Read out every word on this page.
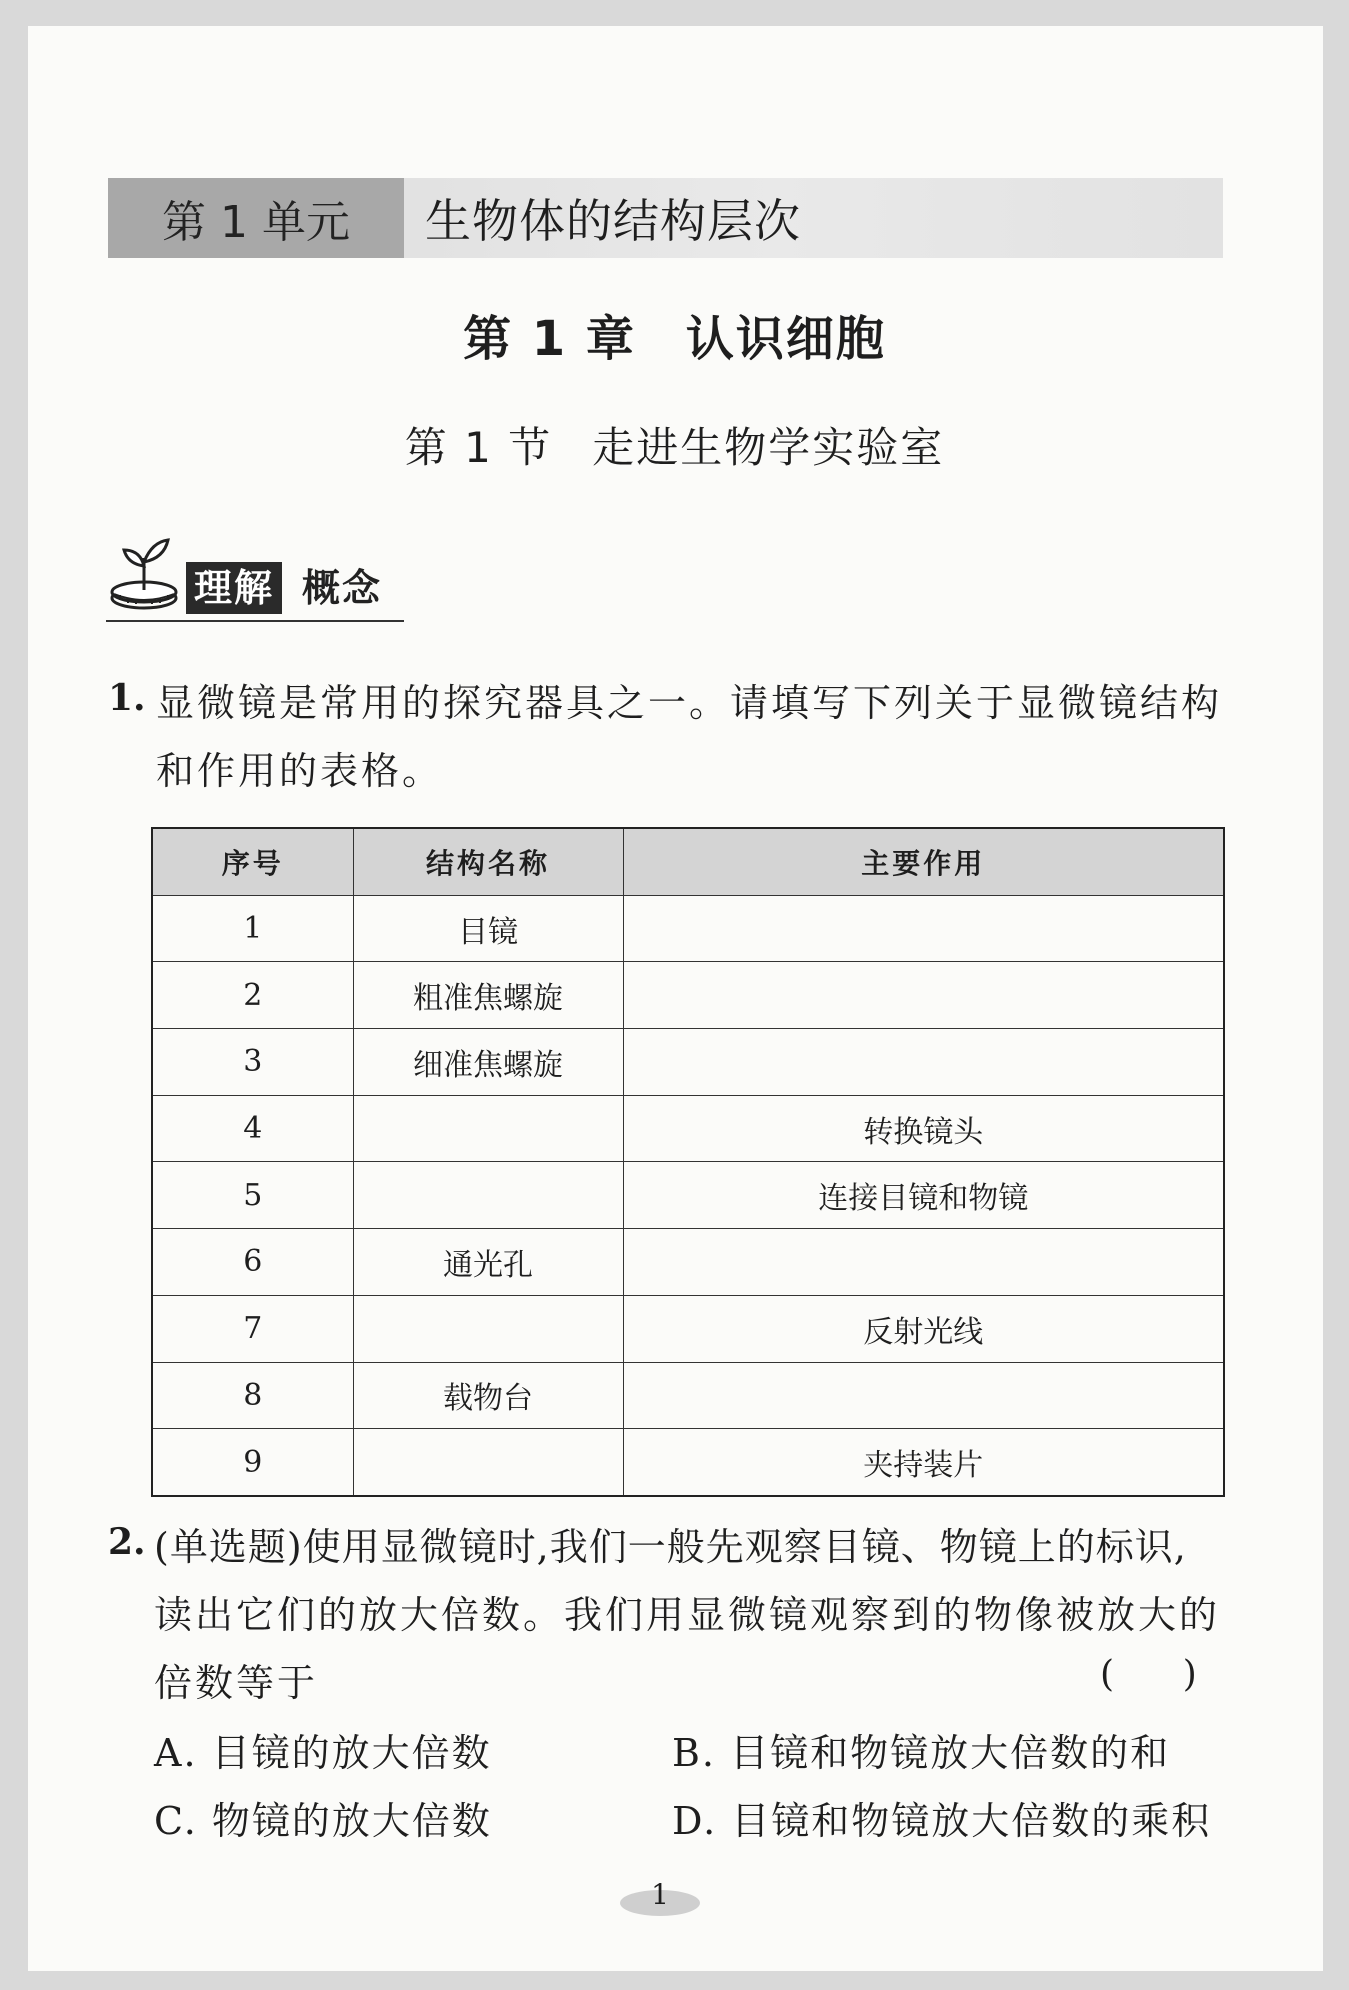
第 1 单元	生物体的结构层次
第 1 章 认识细胞
第 1 节 走进生物学实验室
理解 概念
1. 显微镜是常用的探究器具之一。请填写下列关于显微镜结构
和作用的表格。
序号	结构名称	主要作用
1	目镜	
2	粗准焦螺旋	
3	细准焦螺旋	
4		转换镜头
5		连接目镜和物镜
6	通光孔	
7		反射光线
8	载物台	
9		夹持装片
2. (单选题)使用显微镜时,我们一般先观察目镜、物镜上的标识,
读出它们的放大倍数。我们用显微镜观察到的物像被放大的
倍数等于	(      )
A. 目镜的放大倍数	B. 目镜和物镜放大倍数的和
C. 物镜的放大倍数	D. 目镜和物镜放大倍数的乘积
1
